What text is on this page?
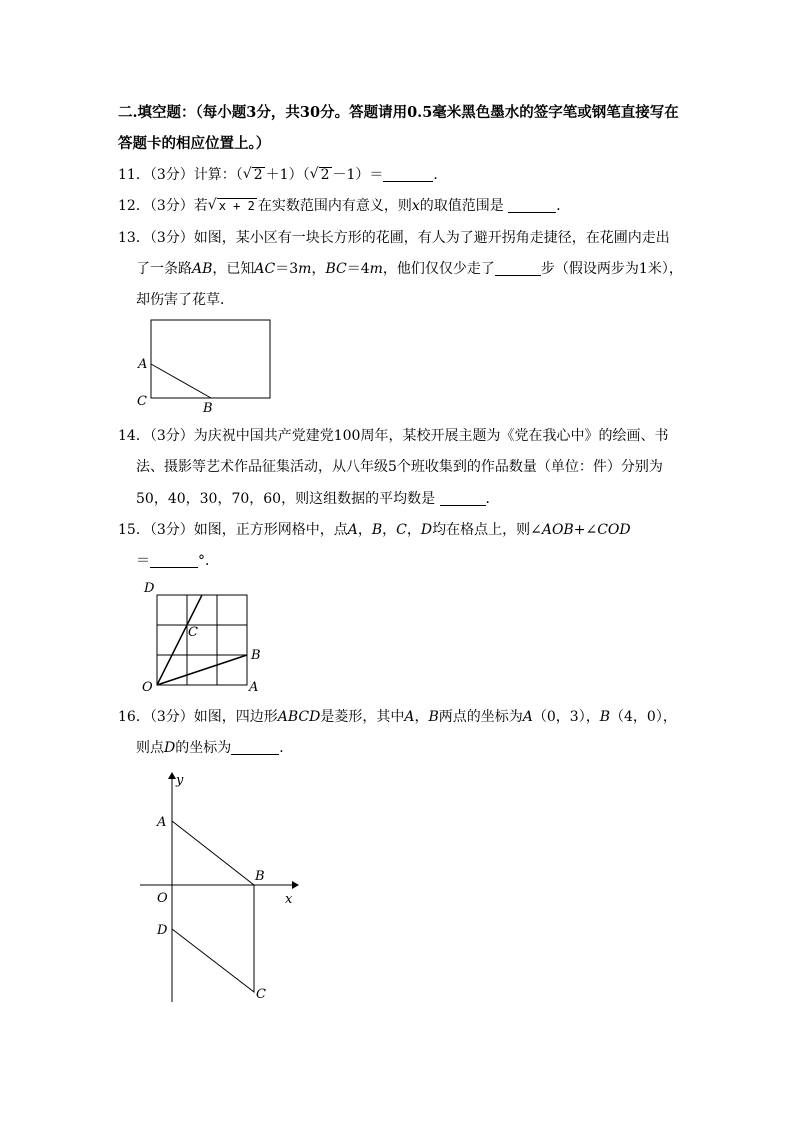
二.填空题：（每小题3分，共30分。答题请用0.5毫米黑色墨水的签字笔或钢笔直接写在
答题卡的相应位置上。）
11．（3分）计算：（ √ 2 ＋1）（ √ 2 －1）＝	．
12．（3分）若 √ x + 2 在实数范围内有意义，则x的取值范围是	．
13．（3分）如图，某小区有一块长方形的花圃，有人为了避开拐角走捷径，在花圃内走出
了一条路AB，已知AC＝3m，BC＝4m，他们仅仅少走了	步（假设两步为1米），
却伤害了花草．
A
C	B
14．（3分）为庆祝中国共产党建党100周年，某校开展主题为《党在我心中》的绘画、书
法、摄影等艺术作品征集活动，从八年级5个班收集到的作品数量（单位：件）分别为
50，40，30，70，60，则这组数据的平均数是	．
15．（3分）如图，正方形网格中，点A，B，C，D均在格点上，则∠AOB+∠COD
＝	°．
D
C
B
O	A
16．（3分）如图，四边形ABCD是菱形，其中A，B两点的坐标为A（0，3），B（4，0），
则点D的坐标为	．
y
x
A
B
O
D
C
